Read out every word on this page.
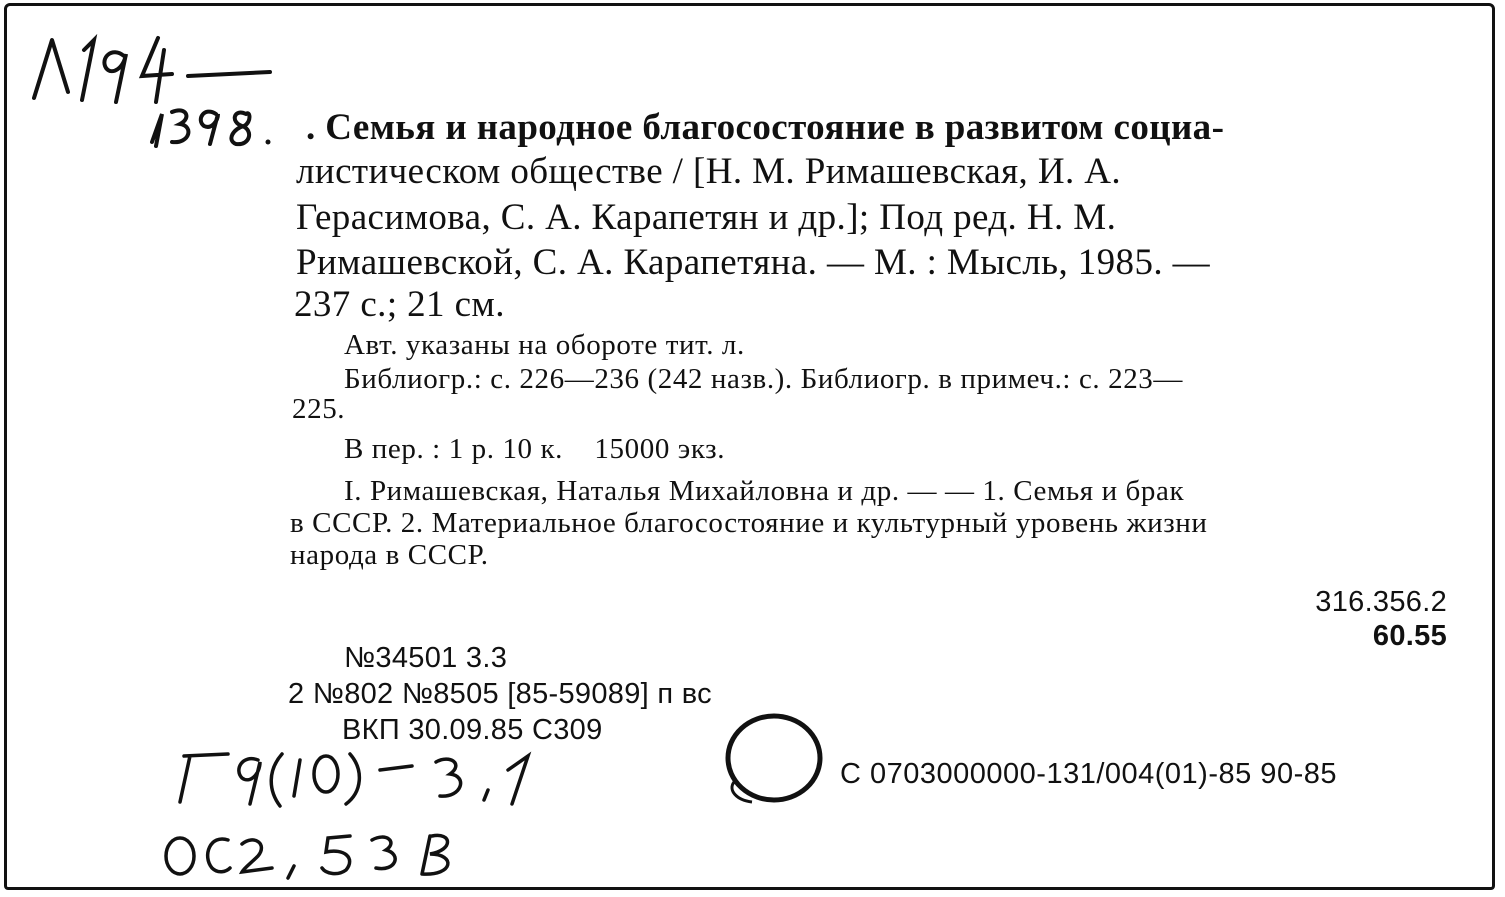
. Семья и народное благосостояние в развитом социа-
листическом обществе / [Н. М. Римашевская, И. А.
Герасимова, С. А. Карапетян и др.]; Под ред. Н. М.
Римашевской, С. А. Карапетяна. — М. : Мысль, 1985. —
237 с.; 21 см.
Авт. указаны на обороте тит. л.
Библиогр.: с. 226—236 (242 назв.). Библиогр. в примеч.: с. 223—
225.
В пер. : 1 р. 10 к.    15000 экз.
I. Римашевская, Наталья Михайловна и др. — — 1. Семья и брак
в СССР. 2. Материальное благосостояние и культурный уровень жизни
народа в СССР.
316.356.2
60.55
№34501 3.3
2 №802 №8505 [85-59089] п вс
ВКП 30.09.85 С309
С 0703000000-131/004(01)-85 90-85
